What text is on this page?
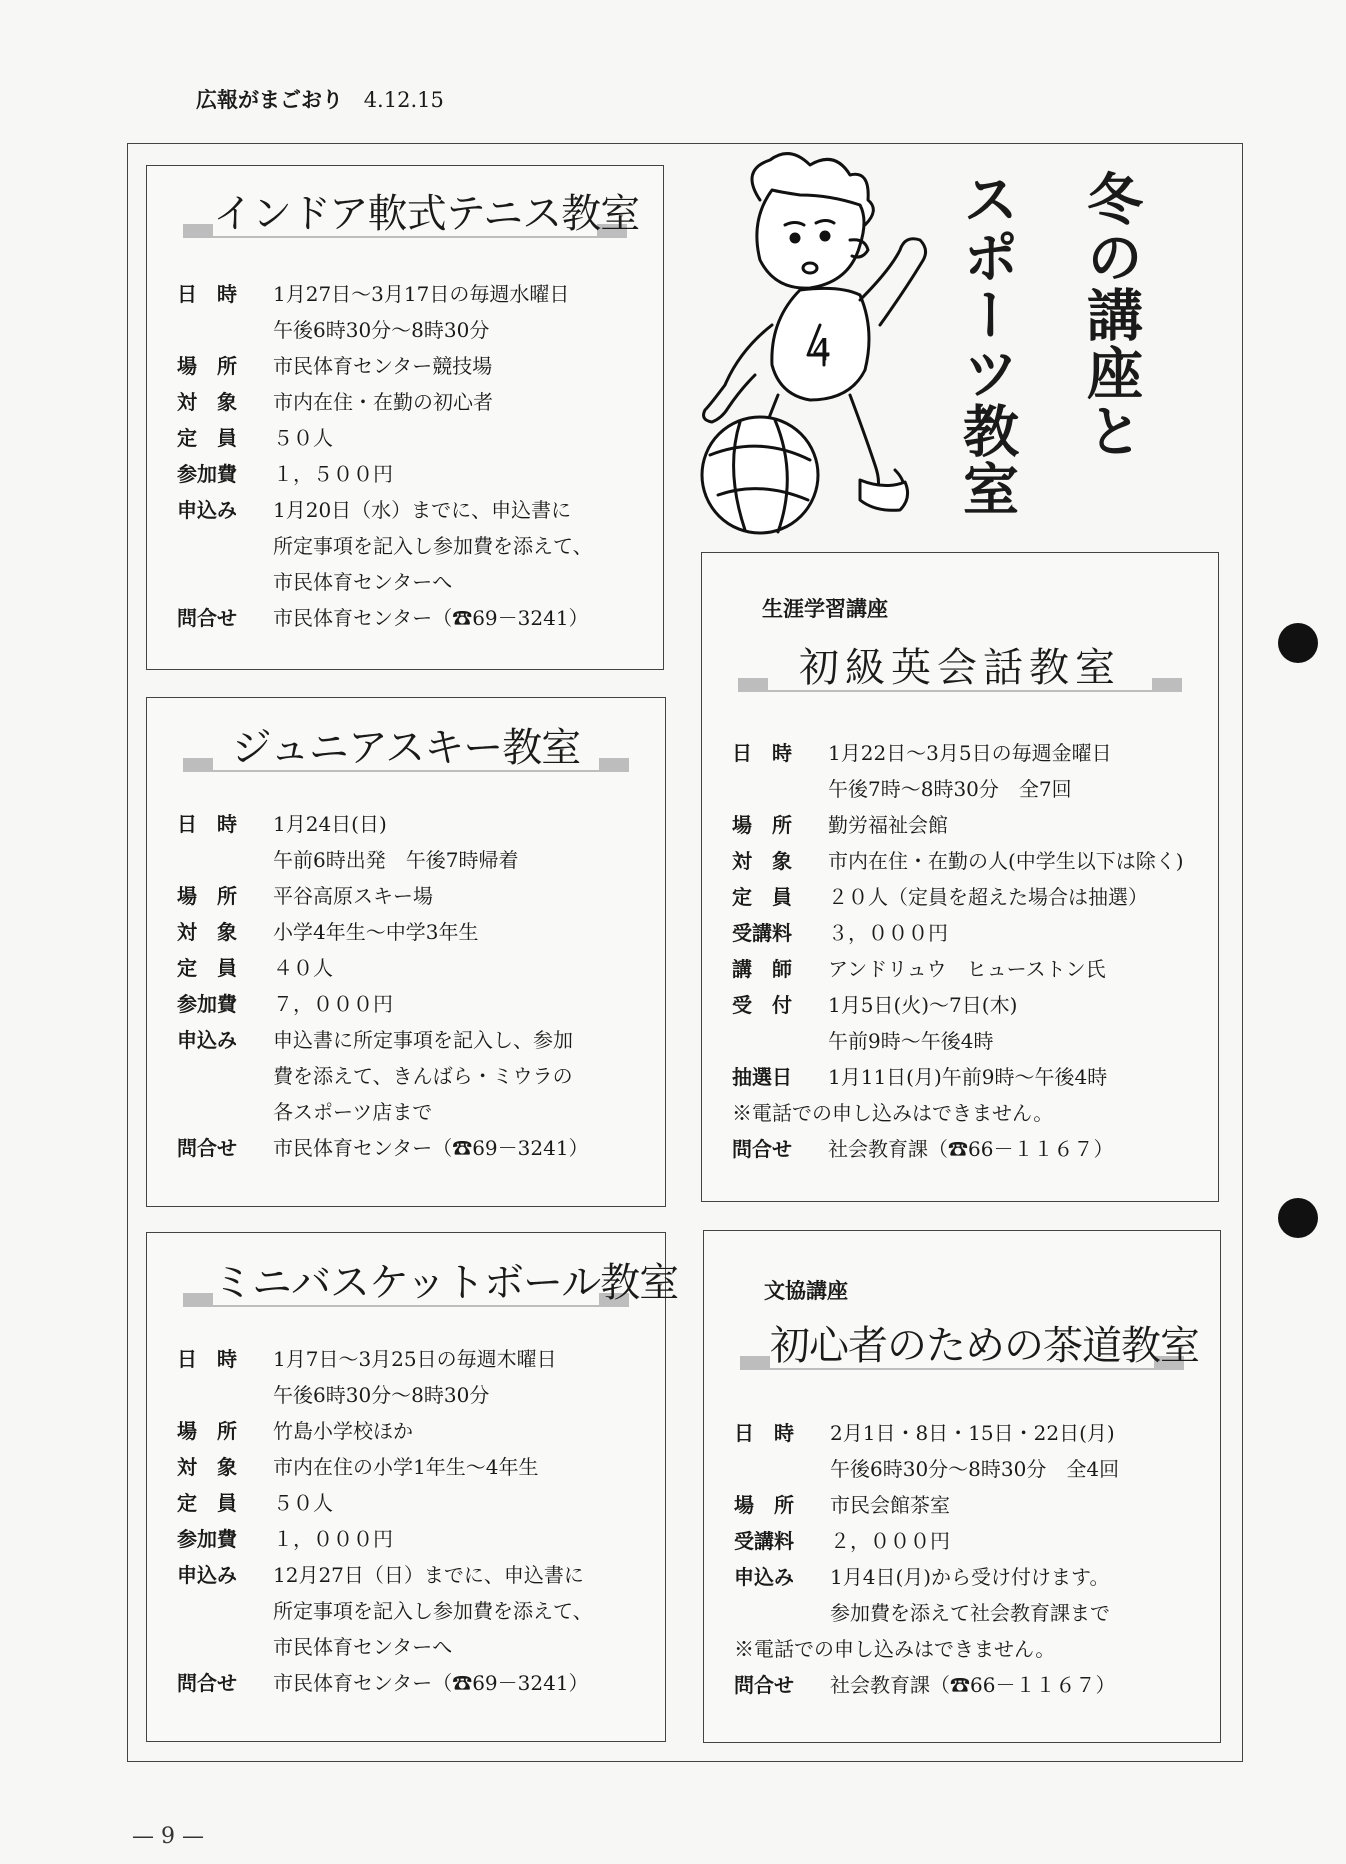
広報がまごおり 4.12.15
インドア軟式テニス教室
日　時	1月27日～3月17日の毎週水曜日
午後6時30分～8時30分
場　所	市民体育センター競技場
対　象	市内在住・在勤の初心者
定　員	５０人
参加費	１，５００円
申込み	1月20日（水）までに、申込書に
所定事項を記入し参加費を添えて、
市民体育センターへ
問合せ	市民体育センター（☎69－3241）
ジュニアスキー教室
日　時	1月24日(日)
午前6時出発　午後7時帰着
場　所	平谷高原スキー場
対　象	小学4年生～中学3年生
定　員	４０人
参加費	７，０００円
申込み	申込書に所定事項を記入し、参加
費を添えて、きんばら・ミウラの
各スポーツ店まで
問合せ	市民体育センター（☎69－3241）
ミニバスケットボール教室
日　時	1月7日～3月25日の毎週木曜日
午後6時30分～8時30分
場　所	竹島小学校ほか
対　象	市内在住の小学1年生～4年生
定　員	５０人
参加費	１，０００円
申込み	12月27日（日）までに、申込書に
所定事項を記入し参加費を添えて、
市民体育センターへ
問合せ	市民体育センター（☎69－3241）
冬の講座と
スポーツ教室
4
生涯学習講座
初級英会話教室
日　時	1月22日～3月5日の毎週金曜日
午後7時～8時30分　全7回
場　所	勤労福祉会館
対　象	市内在住・在勤の人(中学生以下は除く)
定　員	２０人（定員を超えた場合は抽選）
受講料	３，０００円
講　師	アンドリュウ　ヒューストン氏
受　付	1月5日(火)～7日(木)
午前9時～午後4時
抽選日	1月11日(月)午前9時～午後4時
※電話での申し込みはできません。
問合せ	社会教育課（☎66－１１６７）
文協講座
初心者のための茶道教室
日　時	2月1日・8日・15日・22日(月)
午後6時30分～8時30分　全4回
場　所	市民会館茶室
受講料	２，０００円
申込み	1月4日(月)から受け付けます。
参加費を添えて社会教育課まで
※電話での申し込みはできません。
問合せ	社会教育課（☎66－１１６７）
— 9 —
